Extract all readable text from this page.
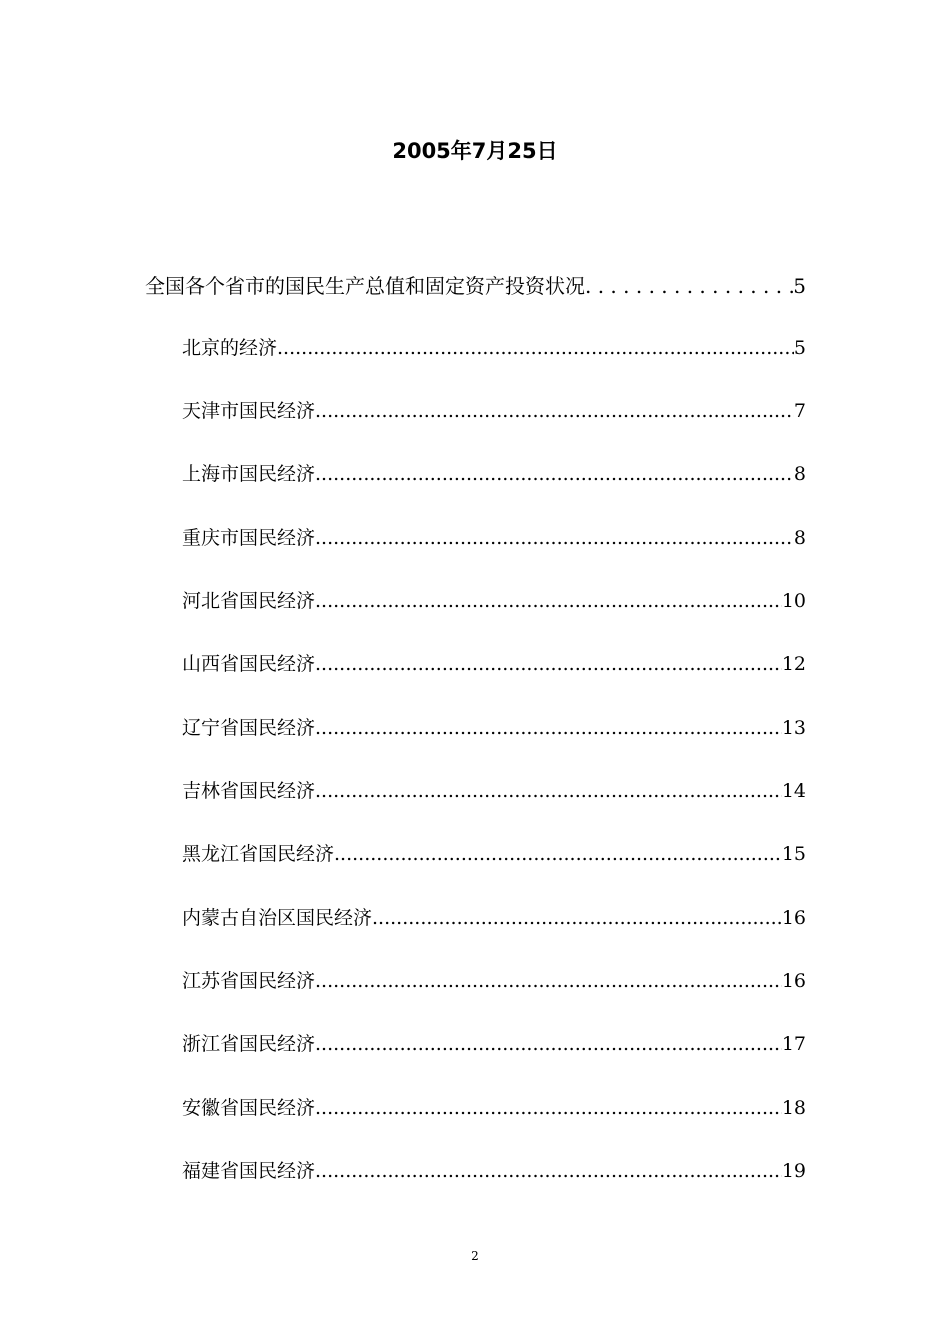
2005年7月25日
全国各个省市的国民生产总值和固定资产投资状况 . . .	5
北京的经济 .....	5
天津市国民经济 .....	7
上海市国民经济 .....	8
重庆市国民经济 .....	8
河北省国民经济 .....	10
山西省国民经济 .....	12
辽宁省国民经济 .....	13
吉林省国民经济 .....	14
黑龙江省国民经济 .....	15
内蒙古自治区国民经济 .....	16
江苏省国民经济 .....	16
浙江省国民经济 .....	17
安徽省国民经济 .....	18
福建省国民经济 .....	19
2
